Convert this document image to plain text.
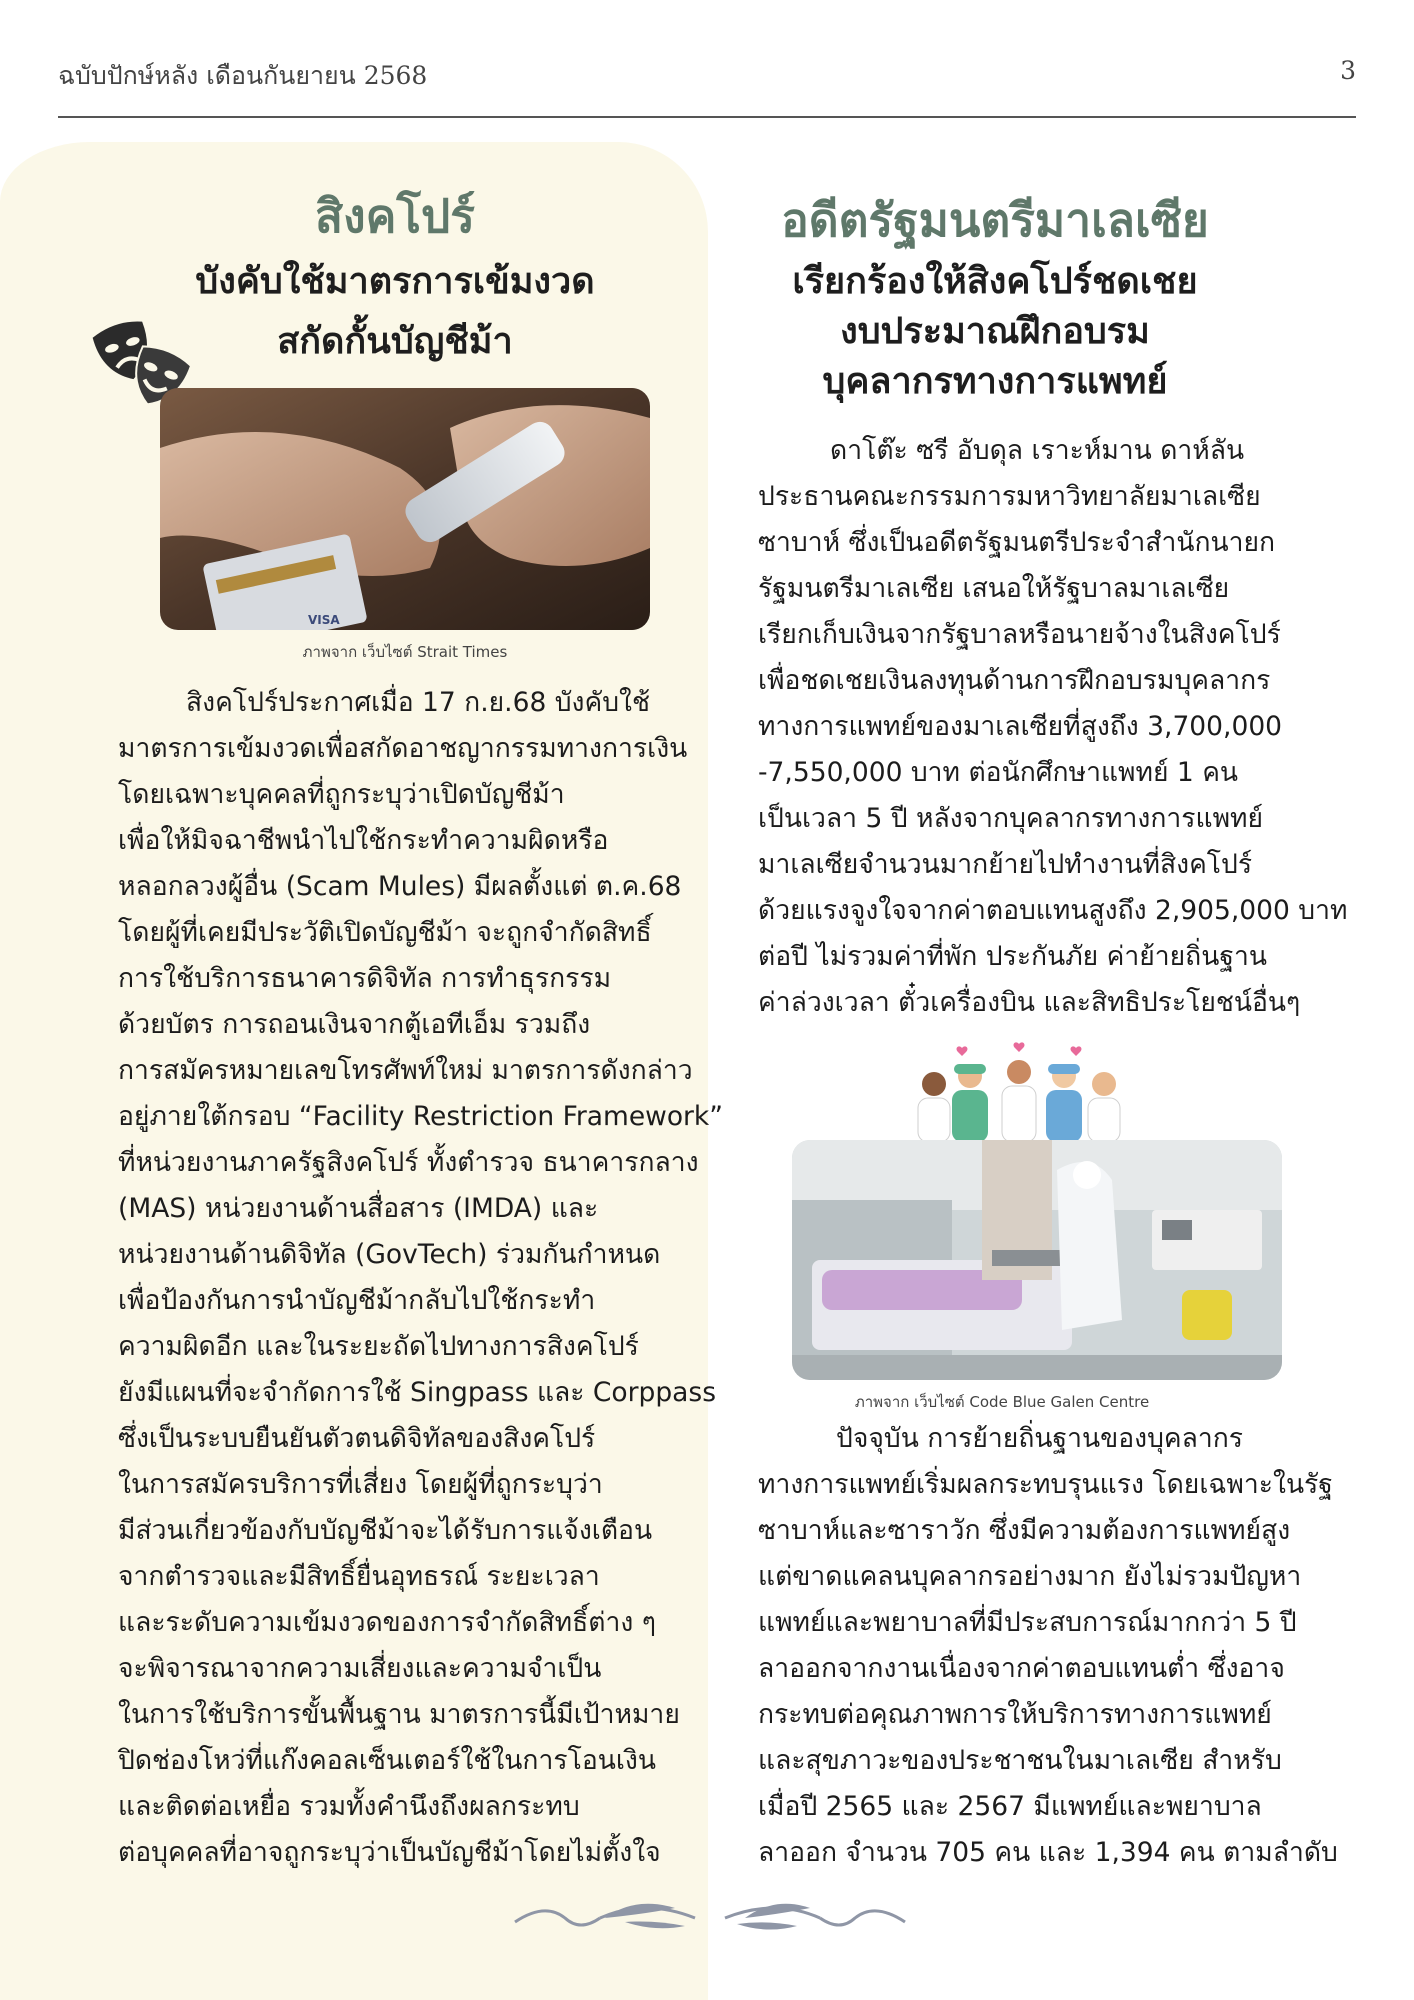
ฉบับปักษ์หลัง เดือนกันยายน 2568	3
สิงคโปร์
บังคับใช้มาตรการเข้มงวด
สกัดกั้นบัญชีม้า
VISA
ภาพจาก เว็บไซต์ Strait Times
สิงคโปร์ประกาศเมื่อ 17 ก.ย.68 บังคับใช้
มาตรการเข้มงวดเพื่อสกัดอาชญากรรมทางการเงิน
โดยเฉพาะบุคคลที่ถูกระบุว่าเปิดบัญชีม้า
เพื่อให้มิจฉาชีพนำไปใช้กระทำความผิดหรือ
หลอกลวงผู้อื่น (Scam Mules) มีผลตั้งแต่ ต.ค.68
โดยผู้ที่เคยมีประวัติเปิดบัญชีม้า จะถูกจำกัดสิทธิ์
การใช้บริการธนาคารดิจิทัล การทำธุรกรรม
ด้วยบัตร การถอนเงินจากตู้เอทีเอ็ม รวมถึง
การสมัครหมายเลขโทรศัพท์ใหม่ มาตรการดังกล่าว
อยู่ภายใต้กรอบ “Facility Restriction Framework”
ที่หน่วยงานภาครัฐสิงคโปร์ ทั้งตำรวจ ธนาคารกลาง
(MAS) หน่วยงานด้านสื่อสาร (IMDA) และ
หน่วยงานด้านดิจิทัล (GovTech) ร่วมกันกำหนด
เพื่อป้องกันการนำบัญชีม้ากลับไปใช้กระทำ
ความผิดอีก และในระยะถัดไปทางการสิงคโปร์
ยังมีแผนที่จะจำกัดการใช้ Singpass และ Corppass
ซึ่งเป็นระบบยืนยันตัวตนดิจิทัลของสิงคโปร์
ในการสมัครบริการที่เสี่ยง โดยผู้ที่ถูกระบุว่า
มีส่วนเกี่ยวข้องกับบัญชีม้าจะได้รับการแจ้งเตือน
จากตำรวจและมีสิทธิ์ยื่นอุทธรณ์ ระยะเวลา
และระดับความเข้มงวดของการจำกัดสิทธิ์ต่าง ๆ
จะพิจารณาจากความเสี่ยงและความจำเป็น
ในการใช้บริการขั้นพื้นฐาน มาตรการนี้มีเป้าหมาย
ปิดช่องโหว่ที่แก๊งคอลเซ็นเตอร์ใช้ในการโอนเงิน
และติดต่อเหยื่อ รวมทั้งคำนึงถึงผลกระทบ
ต่อบุคคลที่อาจถูกระบุว่าเป็นบัญชีม้าโดยไม่ตั้งใจ
อดีตรัฐมนตรีมาเลเซีย
เรียกร้องให้สิงคโปร์ชดเชย
งบประมาณฝึกอบรม
บุคลากรทางการแพทย์
ดาโต๊ะ ซรี อับดุล เราะห์มาน ดาห์ลัน
ประธานคณะกรรมการมหาวิทยาลัยมาเลเซีย
ซาบาห์ ซึ่งเป็นอดีตรัฐมนตรีประจำสำนักนายก
รัฐมนตรีมาเลเซีย เสนอให้รัฐบาลมาเลเซีย
เรียกเก็บเงินจากรัฐบาลหรือนายจ้างในสิงคโปร์
เพื่อชดเชยเงินลงทุนด้านการฝึกอบรมบุคลากร
ทางการแพทย์ของมาเลเซียที่สูงถึง 3,700,000
-7,550,000 บาท ต่อนักศึกษาแพทย์ 1 คน
เป็นเวลา 5 ปี หลังจากบุคลากรทางการแพทย์
มาเลเซียจำนวนมากย้ายไปทำงานที่สิงคโปร์
ด้วยแรงจูงใจจากค่าตอบแทนสูงถึง 2,905,000 บาท
ต่อปี ไม่รวมค่าที่พัก ประกันภัย ค่าย้ายถิ่นฐาน
ค่าล่วงเวลา ตั๋วเครื่องบิน และสิทธิประโยชน์อื่นๆ
ภาพจาก เว็บไซต์ Code Blue Galen Centre
ปัจจุบัน การย้ายถิ่นฐานของบุคลากร
ทางการแพทย์เริ่มผลกระทบรุนแรง โดยเฉพาะในรัฐ
ซาบาห์และซาราวัก ซึ่งมีความต้องการแพทย์สูง
แต่ขาดแคลนบุคลากรอย่างมาก ยังไม่รวมปัญหา
แพทย์และพยาบาลที่มีประสบการณ์มากกว่า 5 ปี
ลาออกจากงานเนื่องจากค่าตอบแทนต่ำ ซึ่งอาจ
กระทบต่อคุณภาพการให้บริการทางการแพทย์
และสุขภาวะของประชาชนในมาเลเซีย สำหรับ
เมื่อปี 2565 และ 2567 มีแพทย์และพยาบาล
ลาออก จำนวน 705 คน และ 1,394 คน ตามลำดับ
